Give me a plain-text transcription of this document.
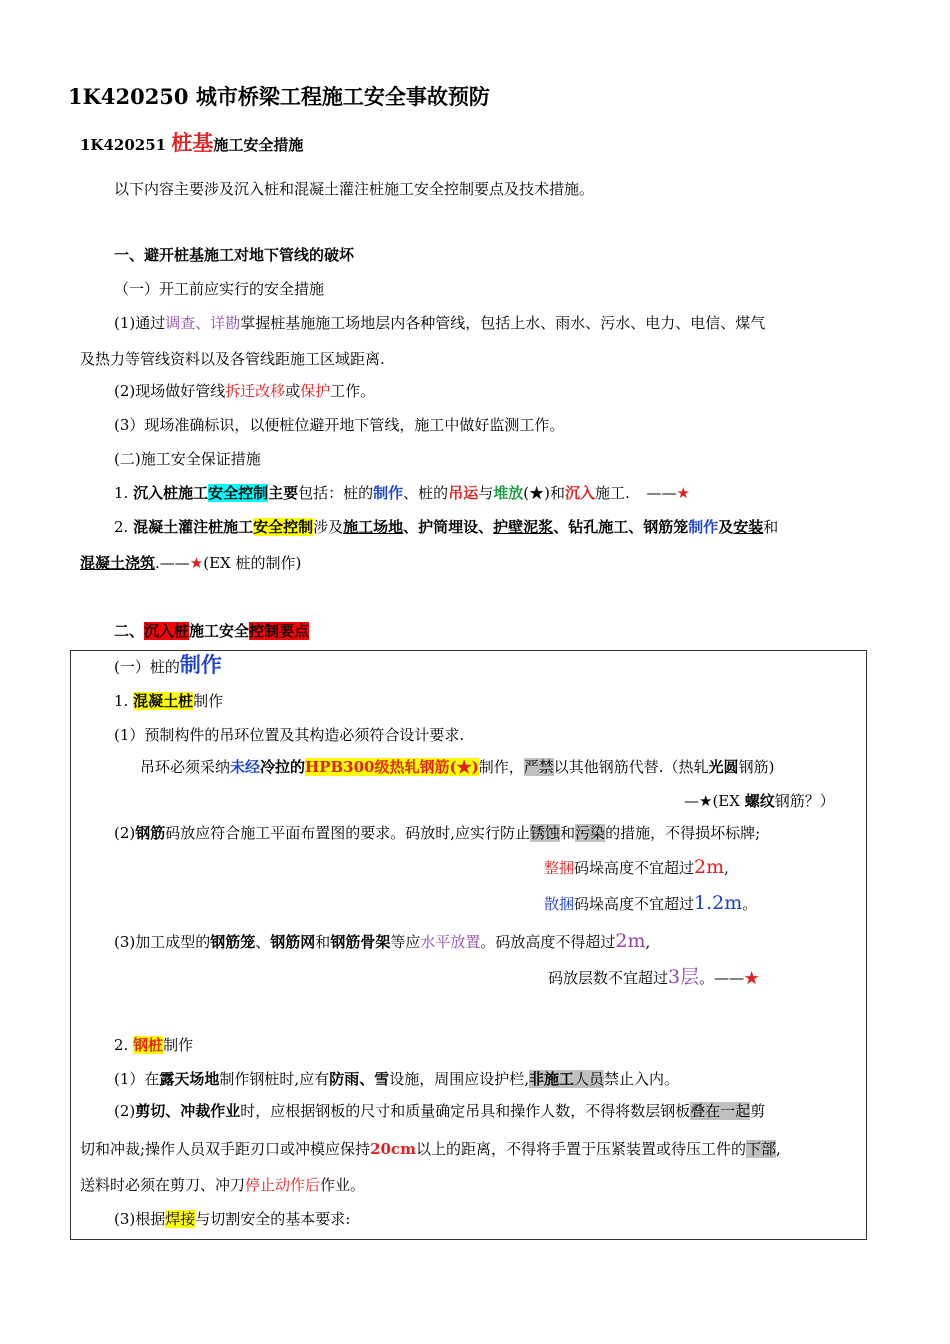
1K420250 城市桥梁工程施工安全事故预防
1K420251 桩基施工安全措施
以下内容主要涉及沉入桩和混凝土灌注桩施工安全控制要点及技术措施。
一、避开桩基施工对地下管线的破坏
（一）开工前应实行的安全措施
(1)通过调查、详勘掌握桩基施施工场地层内各种管线，包括上水、雨水、污水、电力、电信、煤气
及热力等管线资料以及各管线距施工区域距离.
(2)现场做好管线拆迁改移或保护工作。
(3）现场准确标识，以便桩位避开地下管线，施工中做好监测工作。
(二)施工安全保证措施
1. 沉入桩施工安全控制主要包括：桩的制作、桩的吊运与堆放(★)和沉入施工. ——★
2. 混凝土灌注桩施工安全控制涉及施工场地、护筒埋设、护壁泥浆、钻孔施工、钢筋笼制作及安装和
混凝土浇筑.——★(EX 桩的制作)
二、沉入桩施工安全控制要点
(一）桩的制作
1. 混凝土桩制作
(1）预制构件的吊环位置及其构造必须符合设计要求.
吊环必须采纳未经冷拉的HPB300级热轧钢筋(★)制作，严禁以其他钢筋代替.（热轧光圆钢筋)
—★(EX 螺纹钢筋？）
(2)钢筋码放应符合施工平面布置图的要求。码放时,应实行防止锈蚀和污染的措施，不得损坏标牌;
整捆码垛高度不宜超过2m,
散捆码垛高度不宜超过1.2m。
(3)加工成型的钢筋笼、钢筋网和钢筋骨架等应水平放置。码放高度不得超过2m,
码放层数不宜超过3层。——★
2. 钢桩制作
(1）在露天场地制作钢桩时,应有防雨、雪设施，周围应设护栏,非施工人员禁止入内。
(2)剪切、冲裁作业时，应根据钢板的尺寸和质量确定吊具和操作人数，不得将数层钢板叠在一起剪
切和冲裁;操作人员双手距刃口或冲模应保持20cm以上的距离，不得将手置于压紧装置或待压工件的下部,
送料时必须在剪刀、冲刀停止动作后作业。
(3)根据焊接与切割安全的基本要求:
